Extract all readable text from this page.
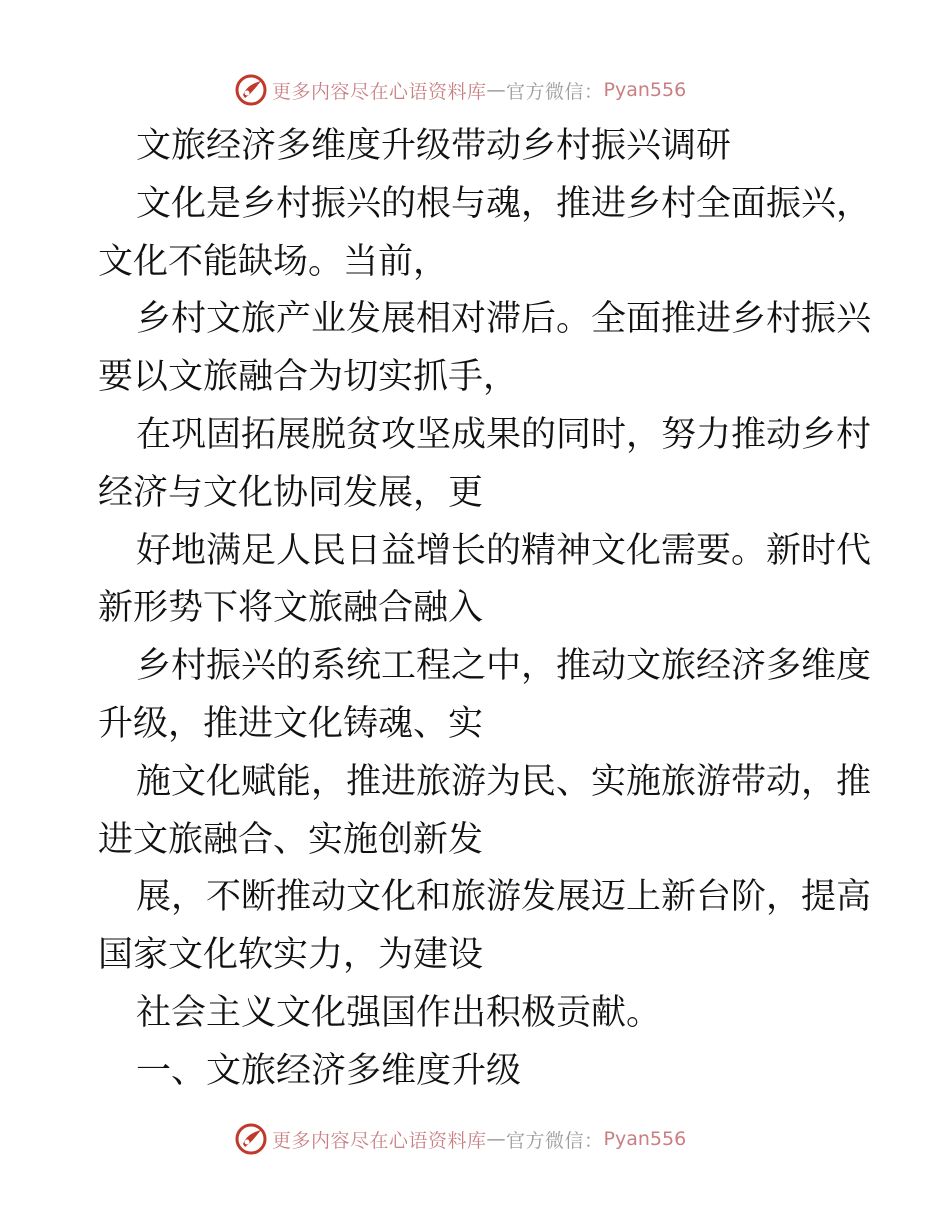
更多内容尽在心语资料库 — 官方微信： Pyan556
文旅经济多维度升级带动乡村振兴调研
文化是乡村振兴的根与魂，推进乡村全面振兴，
文化不能缺场。当前，
乡村文旅产业发展相对滞后。全面推进乡村振兴
要以文旅融合为切实抓手，
在巩固拓展脱贫攻坚成果的同时，努力推动乡村
经济与文化协同发展，更
好地满足人民日益增长的精神文化需要。新时代
新形势下将文旅融合融入
乡村振兴的系统工程之中，推动文旅经济多维度
升级，推进文化铸魂、实
施文化赋能，推进旅游为民、实施旅游带动，推
进文旅融合、实施创新发
展，不断推动文化和旅游发展迈上新台阶，提高
国家文化软实力，为建设
社会主义文化强国作出积极贡献。
一、文旅经济多维度升级
更多内容尽在心语资料库 — 官方微信： Pyan556
